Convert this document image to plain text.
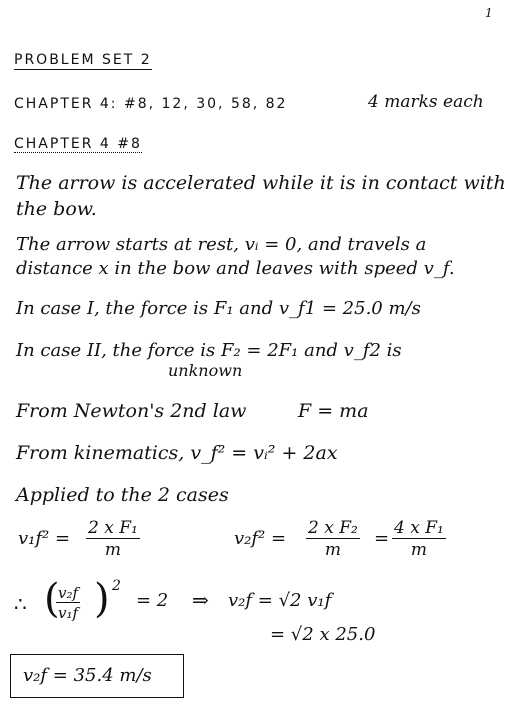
1
PROBLEM SET 2
CHAPTER 4: #8, 12, 30, 58, 82	4 marks each
CHAPTER 4 #8
The arrow is accelerated while it is in contact with
the bow.
The arrow starts at rest, vᵢ = 0, and travels a
distance x in the bow and leaves with speed v_f.
In case I, the force is F₁ and v_f1 = 25.0 m/s
In case II, the force is F₂ = 2F₁ and v_f2 is
unknown
From Newton's 2nd law	F = ma
From kinematics, v_f² = vᵢ² + 2ax
Applied to the 2 cases
$v_1f^2 = \frac{\text{2 x F₁}}{m}$	$v_2f^2 = \frac{\text{2 x F₂}}{m} = \frac{\text{4 x F₁}}{m}$
∴ (
$\frac{\text{v₂f}}{\text{v₁f}}$ ) 2
= 2 ⇒ v₂f = √2 v₁f
= √2 x 25.0
v₂f = 35.4 m/s
